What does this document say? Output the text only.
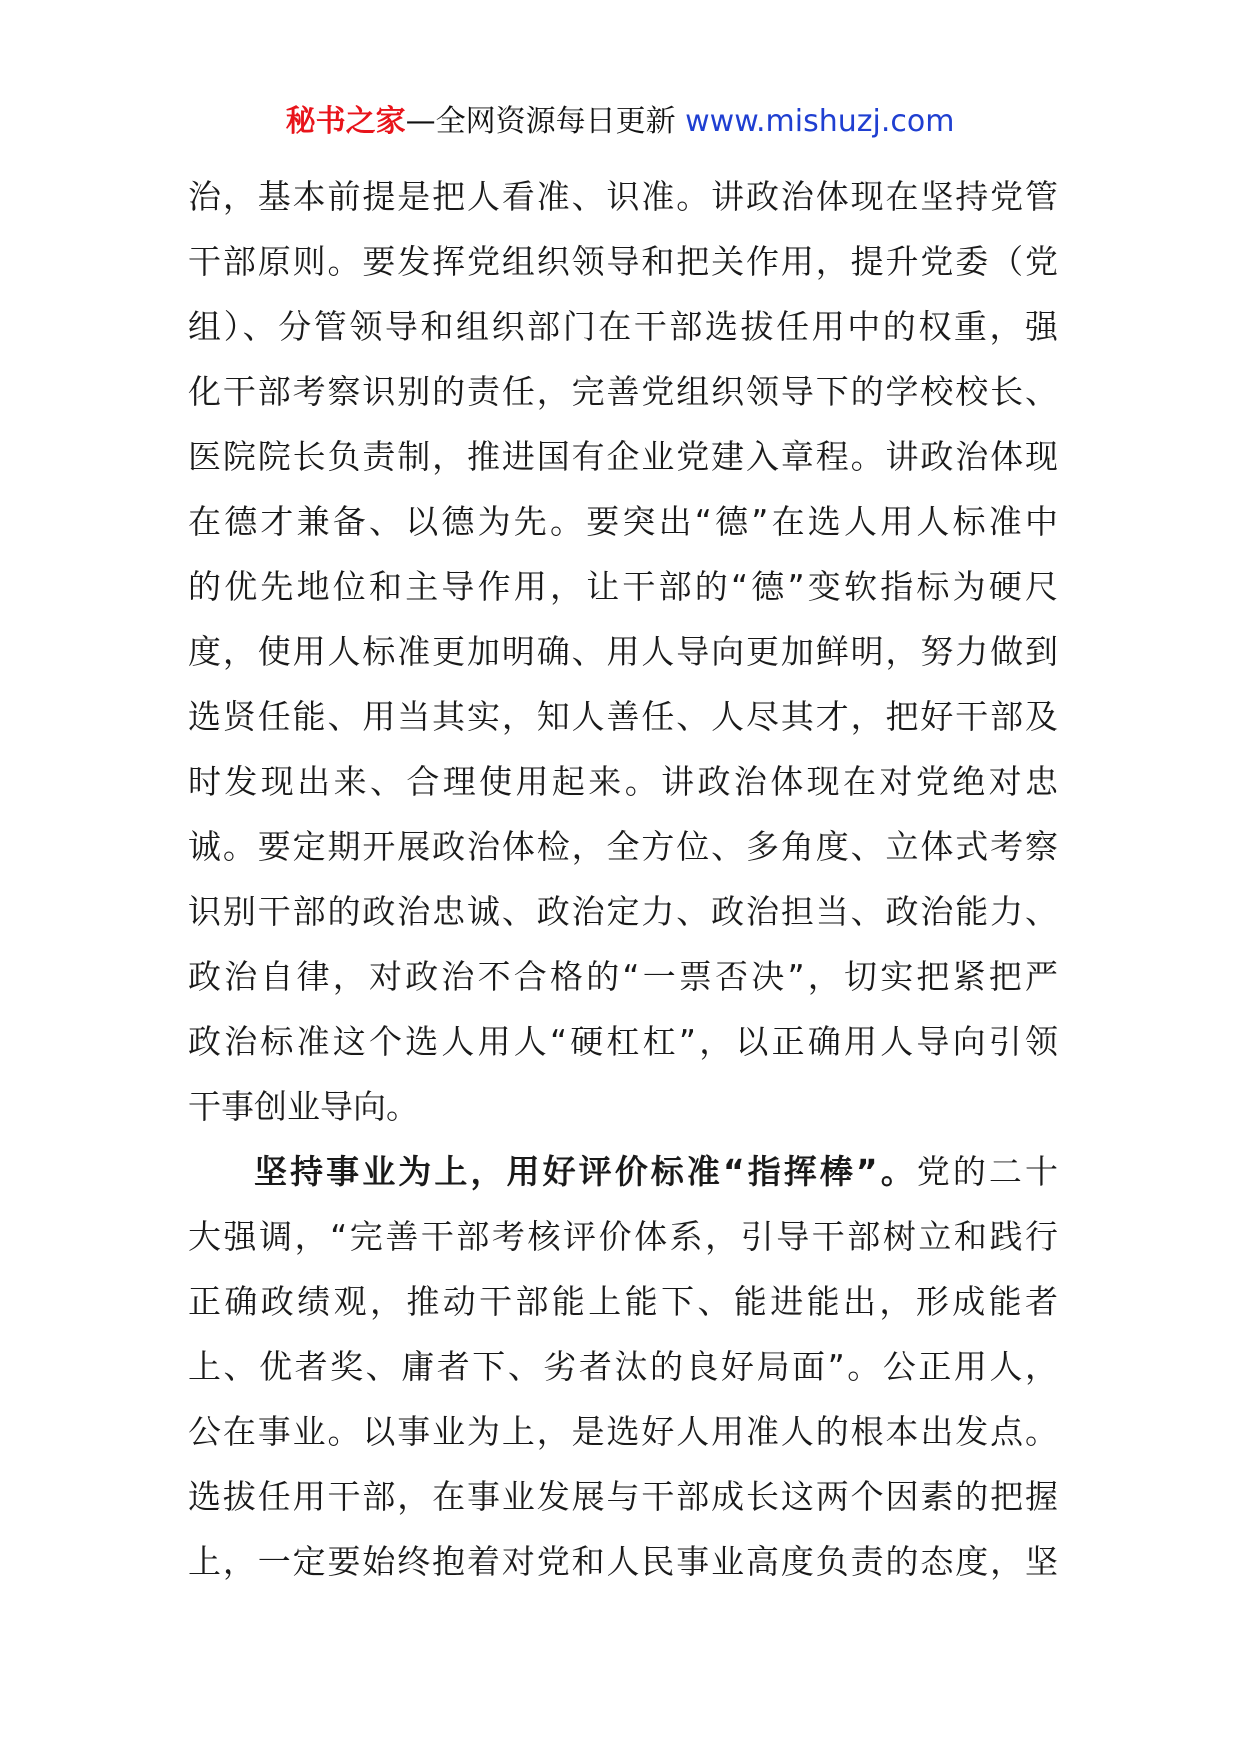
秘书之家—全网资源每日更新 www.mishuzj.com
治，基本前提是把人看准、识准。讲政治体现在坚持党管
干部原则。要发挥党组织领导和把关作用，提升党委（党
组）、分管领导和组织部门在干部选拔任用中的权重，强
化干部考察识别的责任，完善党组织领导下的学校校长、
医院院长负责制，推进国有企业党建入章程。讲政治体现
在德才兼备、以德为先。要突出“德”在选人用人标准中
的优先地位和主导作用，让干部的“德”变软指标为硬尺
度，使用人标准更加明确、用人导向更加鲜明，努力做到
选贤任能、用当其实，知人善任、人尽其才，把好干部及
时发现出来、合理使用起来。讲政治体现在对党绝对忠
诚。要定期开展政治体检，全方位、多角度、立体式考察
识别干部的政治忠诚、政治定力、政治担当、政治能力、
政治自律，对政治不合格的“一票否决”，切实把紧把严
政治标准这个选人用人“硬杠杠”，以正确用人导向引领
干事创业导向。
坚持事业为上，用好评价标准“指挥棒”。党的二十
大强调，“完善干部考核评价体系，引导干部树立和践行
正确政绩观，推动干部能上能下、能进能出，形成能者
上、优者奖、庸者下、劣者汰的良好局面”。公正用人，
公在事业。以事业为上，是选好人用准人的根本出发点。
选拔任用干部，在事业发展与干部成长这两个因素的把握
上，一定要始终抱着对党和人民事业高度负责的态度，坚
